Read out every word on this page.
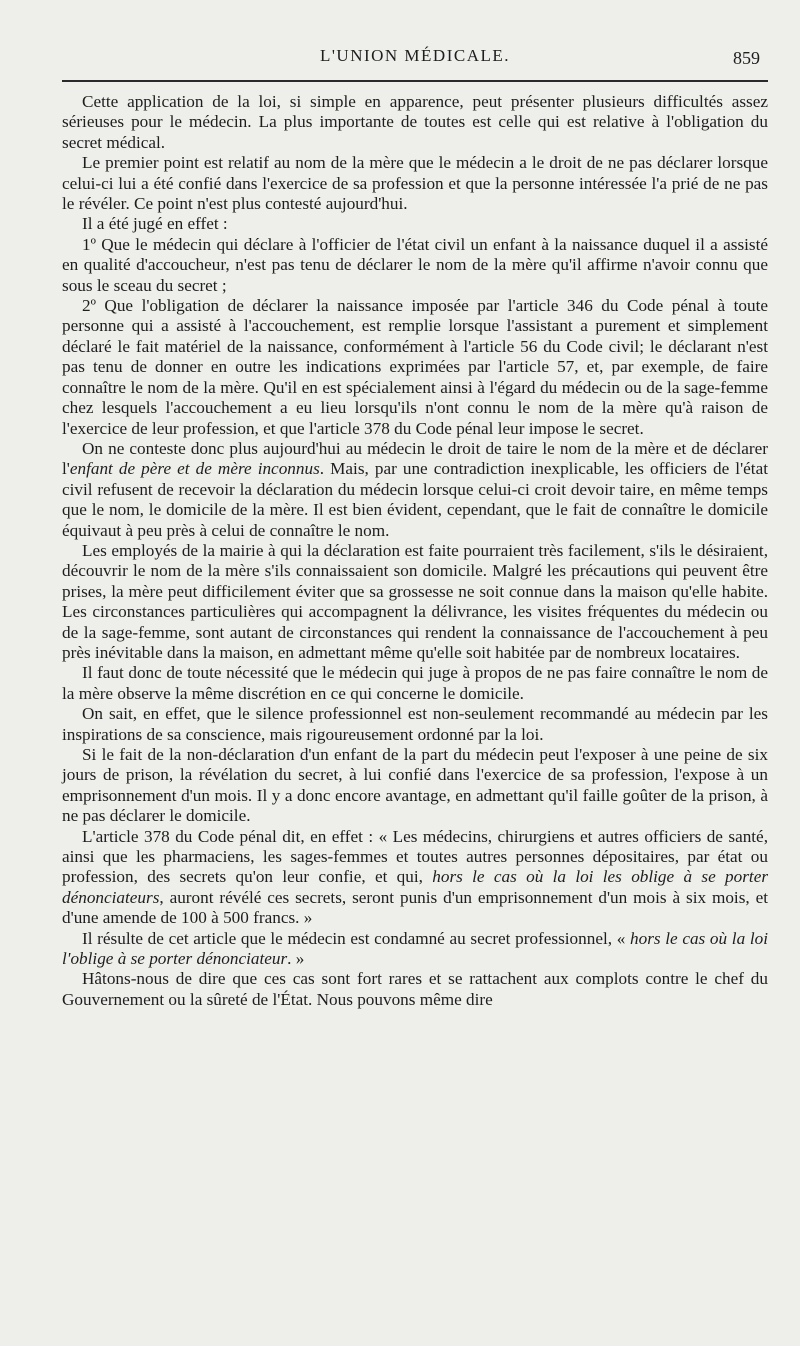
L'UNION MÉDICALE.	859

Cette application de la loi, si simple en apparence, peut présenter plusieurs difficultés assez sérieuses pour le médecin. La plus importante de toutes est celle qui est relative à l'obligation du secret médical.

Le premier point est relatif au nom de la mère que le médecin a le droit de ne pas déclarer lorsque celui-ci lui a été confié dans l'exercice de sa profession et que la personne intéressée l'a prié de ne pas le révéler. Ce point n'est plus contesté aujourd'hui.

Il a été jugé en effet :

1º Que le médecin qui déclare à l'officier de l'état civil un enfant à la naissance duquel il a assisté en qualité d'accoucheur, n'est pas tenu de déclarer le nom de la mère qu'il affirme n'avoir connu que sous le sceau du secret ;

2º Que l'obligation de déclarer la naissance imposée par l'article 346 du Code pénal à toute personne qui a assisté à l'accouchement, est remplie lorsque l'assistant a purement et simplement déclaré le fait matériel de la naissance, conformément à l'article 56 du Code civil; le déclarant n'est pas tenu de donner en outre les indications exprimées par l'article 57, et, par exemple, de faire connaître le nom de la mère. Qu'il en est spécialement ainsi à l'égard du médecin ou de la sage-femme chez lesquels l'accouchement a eu lieu lorsqu'ils n'ont connu le nom de la mère qu'à raison de l'exercice de leur profession, et que l'article 378 du Code pénal leur impose le secret.

On ne conteste donc plus aujourd'hui au médecin le droit de taire le nom de la mère et de déclarer l'enfant de père et de mère inconnus. Mais, par une contradiction inexplicable, les officiers de l'état civil refusent de recevoir la déclaration du médecin lorsque celui-ci croit devoir taire, en même temps que le nom, le domicile de la mère. Il est bien évident, cependant, que le fait de connaître le domicile équivaut à peu près à celui de connaître le nom.

Les employés de la mairie à qui la déclaration est faite pourraient très facilement, s'ils le désiraient, découvrir le nom de la mère s'ils connaissaient son domicile. Malgré les précautions qui peuvent être prises, la mère peut difficilement éviter que sa grossesse ne soit connue dans la maison qu'elle habite. Les circonstances particulières qui accompagnent la délivrance, les visites fréquentes du médecin ou de la sage-femme, sont autant de circonstances qui rendent la connaissance de l'accouchement à peu près inévitable dans la maison, en admettant même qu'elle soit habitée par de nombreux locataires.

Il faut donc de toute nécessité que le médecin qui juge à propos de ne pas faire connaître le nom de la mère observe la même discrétion en ce qui concerne le domicile.

On sait, en effet, que le silence professionnel est non-seulement recommandé au médecin par les inspirations de sa conscience, mais rigoureusement ordonné par la loi.

Si le fait de la non-déclaration d'un enfant de la part du médecin peut l'exposer à une peine de six jours de prison, la révélation du secret, à lui confié dans l'exercice de sa profession, l'expose à un emprisonnement d'un mois. Il y a donc encore avantage, en admettant qu'il faille goûter de la prison, à ne pas déclarer le domicile.

L'article 378 du Code pénal dit, en effet : « Les médecins, chirurgiens et autres officiers de santé, ainsi que les pharmaciens, les sages-femmes et toutes autres personnes dépositaires, par état ou profession, des secrets qu'on leur confie, et qui, hors le cas où la loi les oblige à se porter dénonciateurs, auront révélé ces secrets, seront punis d'un emprisonnement d'un mois à six mois, et d'une amende de 100 à 500 francs. »

Il résulte de cet article que le médecin est condamné au secret professionnel, « hors le cas où la loi l'oblige à se porter dénonciateur. »

Hâtons-nous de dire que ces cas sont fort rares et se rattachent aux complots contre le chef du Gouvernement ou la sûreté de l'État. Nous pouvons même dire
